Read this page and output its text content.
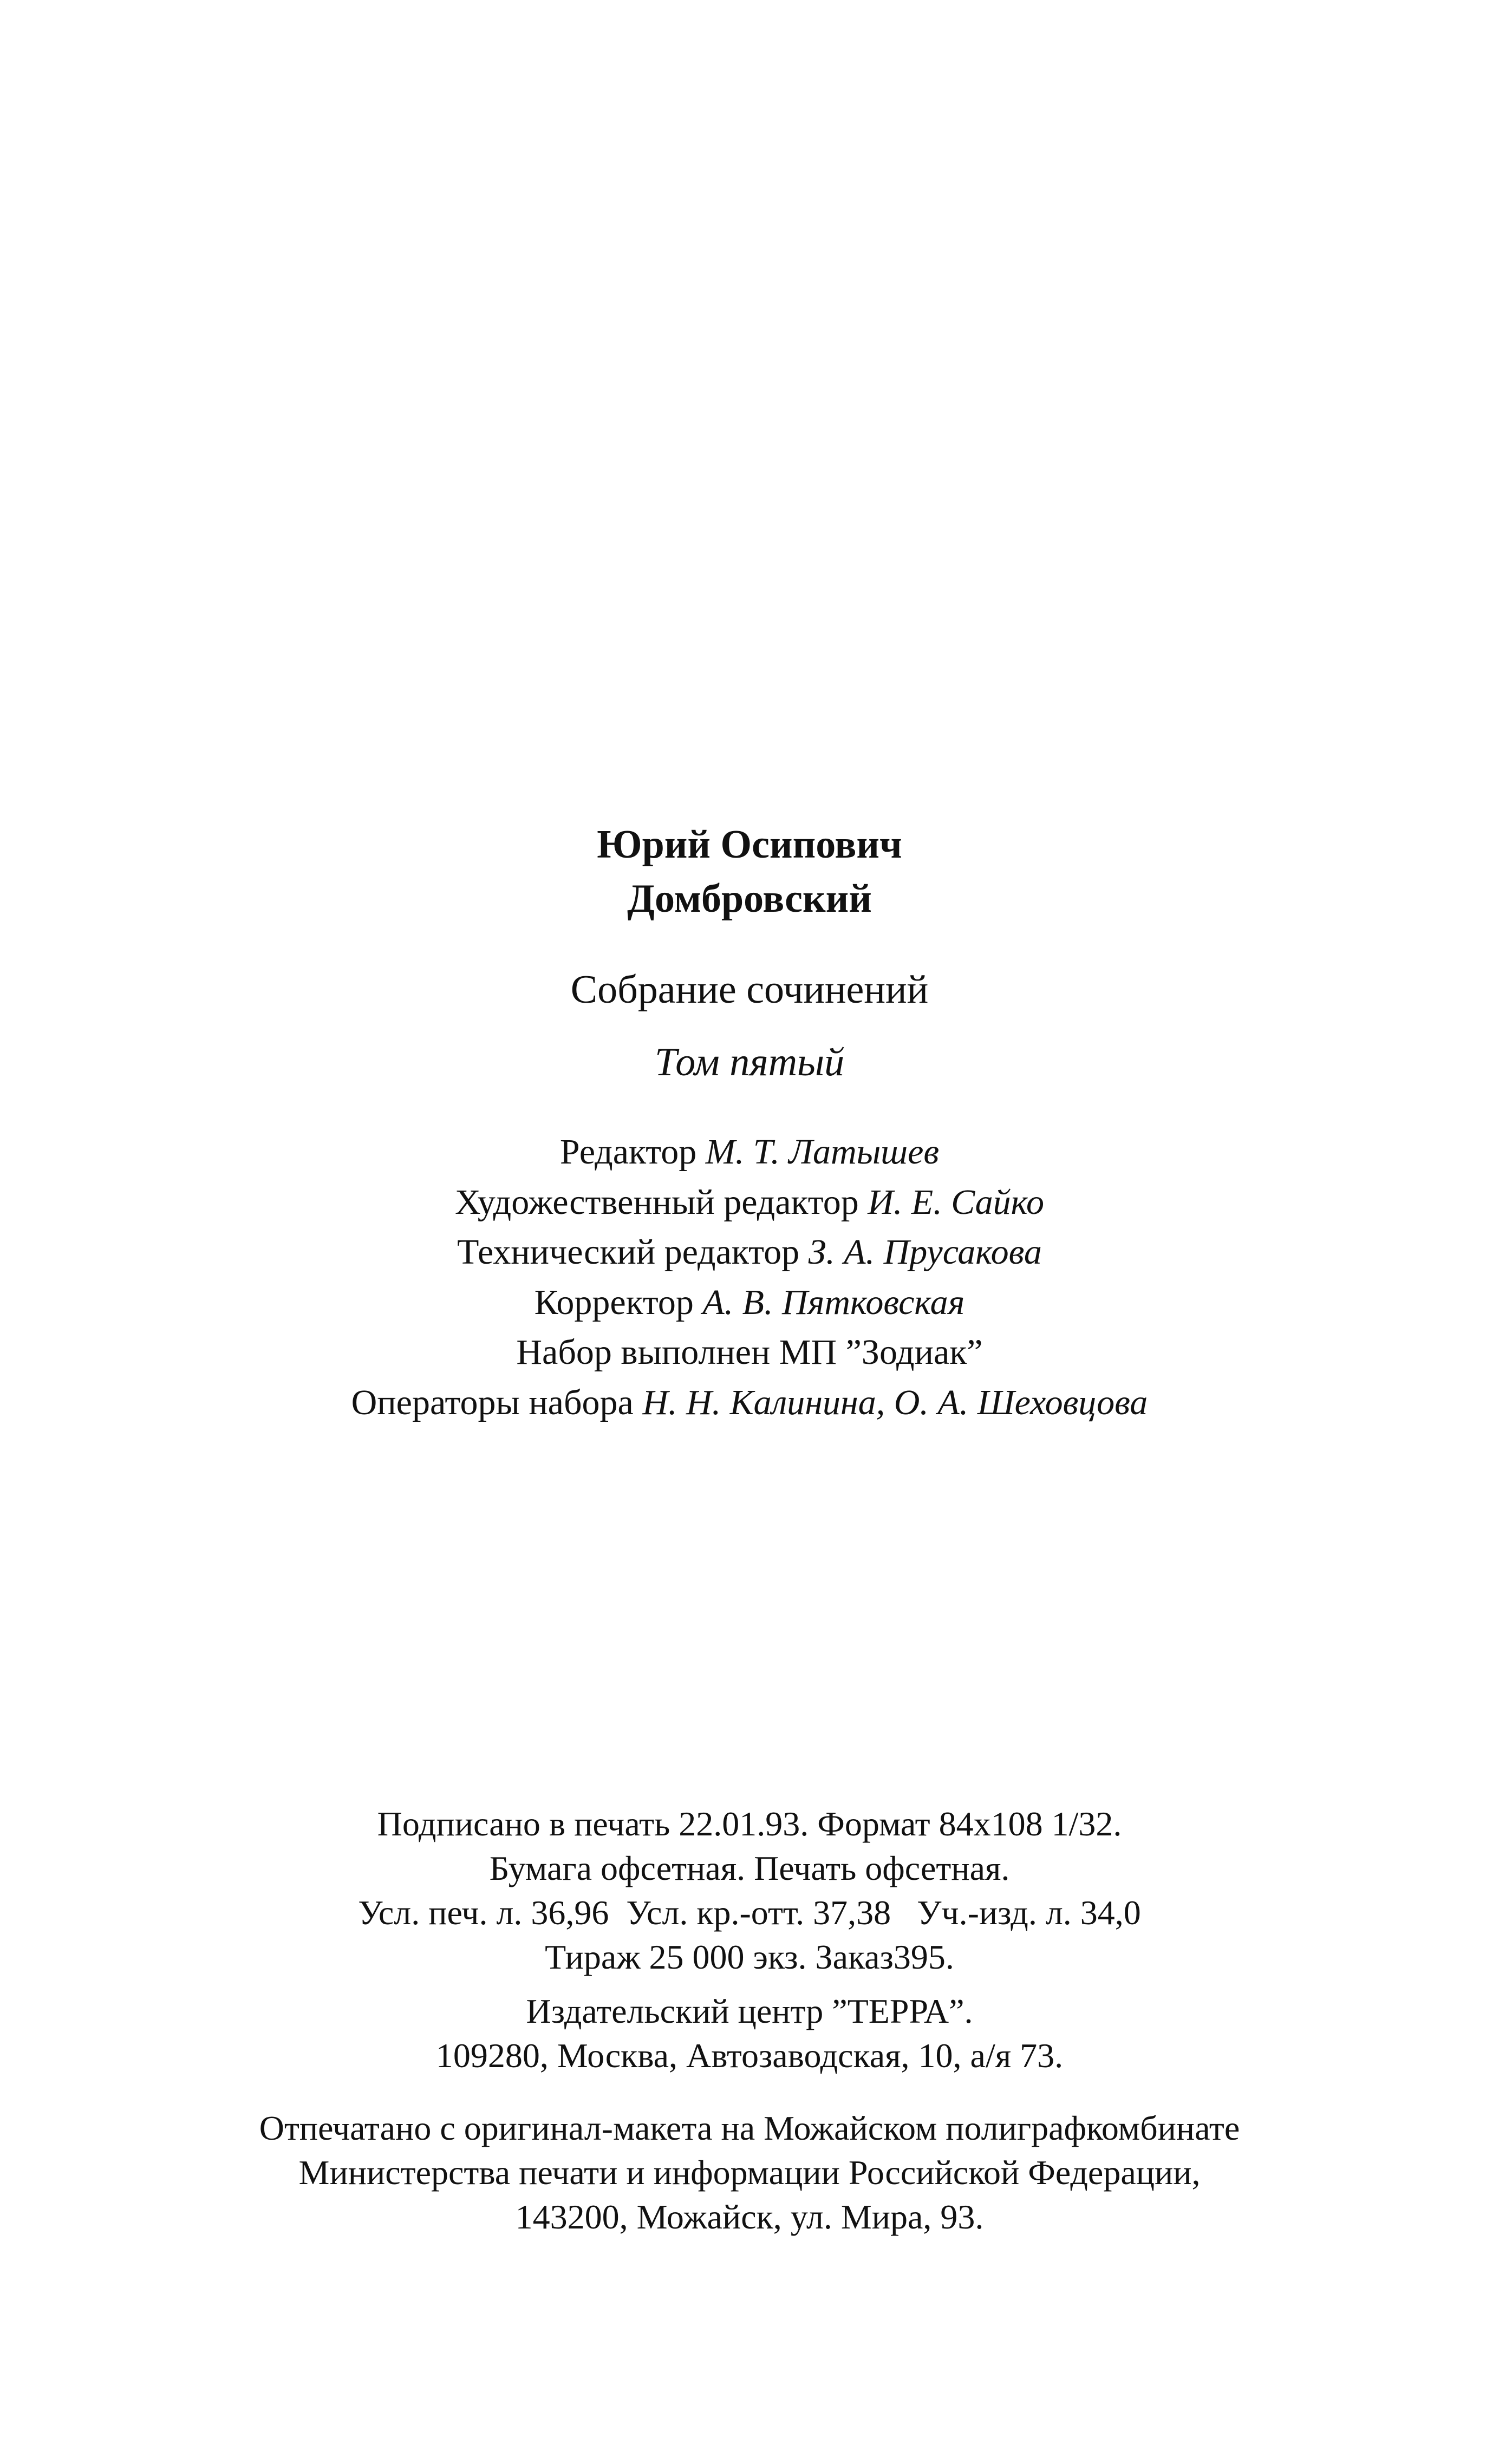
Юрий Осипович
Домбровский
Собрание сочинений
Том пятый
Редактор М. Т. Латышев
Художественный редактор И. Е. Сайко
Технический редактор З. А. Прусакова
Корректор А. В. Пятковская
Набор выполнен МП ”Зодиак”
Операторы набора Н. Н. Калинина, О. А. Шеховцова
Подписано в печать 22.01.93. Формат 84x108 1/32.
Бумага офсетная. Печать офсетная.
Усл. печ. л. 36,96  Усл. кр.-отт. 37,38   Уч.-изд. л. 34,0
Тираж 25 000 экз. Заказ395.
Издательский центр ”ТЕРРА”.
109280, Москва, Автозаводская, 10, а/я 73.
Отпечатано с оригинал-макета на Можайском полиграфкомбинате
Министерства печати и информации Российской Федерации,
143200, Можайск, ул. Мира, 93.
